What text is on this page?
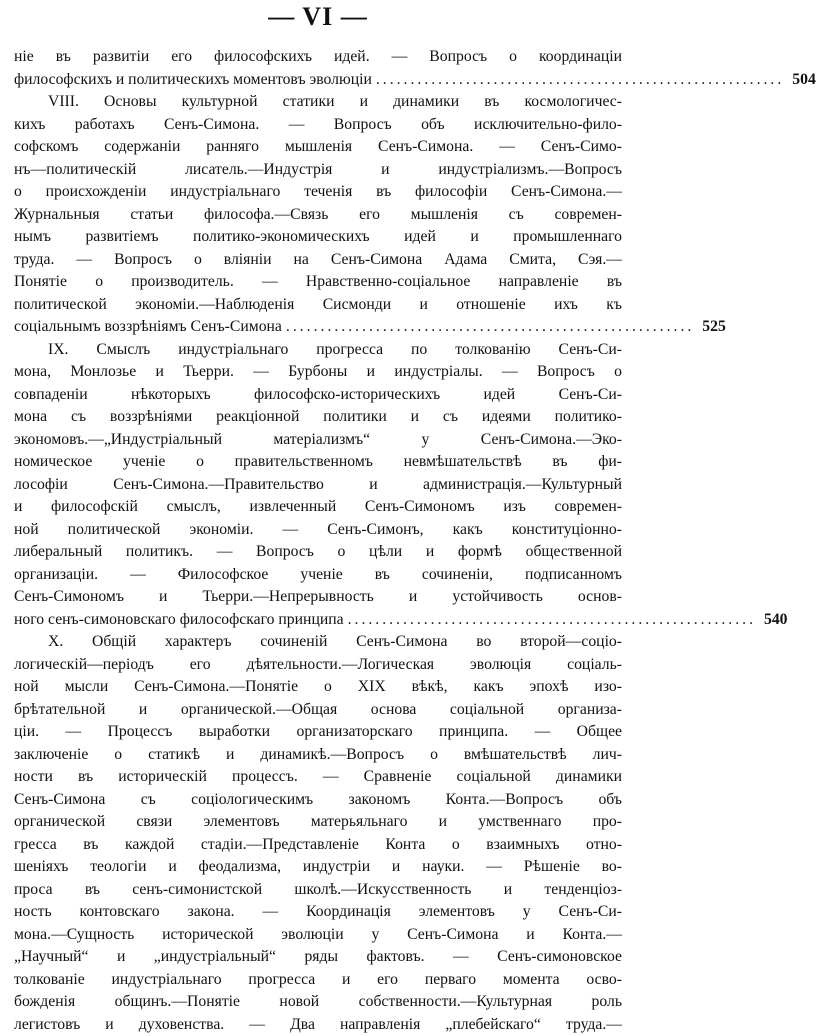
— VI —
ніе въ развитіи его философскихъ идей. — Вопросъ о координаціи
философскихъ и политическихъ моментовъ эволюціи ........................................................... 504
VIII. Основы культурной статики и динамики въ космологичес-
кихъ работахъ Сенъ-Симона. — Вопросъ объ исключительно-фило-
софскомъ содержаніи ранняго мышленія Сенъ-Симона. — Сенъ-Симо-
нъ—политическій лисатель.—Индустрія и индустріализмъ.—Вопросъ
о происхожденіи индустріальнаго теченія въ философіи Сенъ-Симона.—
Журнальныя статьи философа.—Связь его мышленія съ современ-
нымъ развитіемъ политико-экономическихъ идей и промышленнаго
труда. — Вопросъ о вліяніи на Сенъ-Симона Адама Смита, Сэя.—
Понятіе о производитель. — Нравственно-соціальное направленіе въ
политической экономіи.—Наблюденія Сисмонди и отношеніе ихъ къ
соціальнымъ воззрѣніямъ Сенъ-Симона ........................................................... 525
IX. Смыслъ индустріальнаго прогресса по толкованію Сенъ-Си-
мона, Монлозье и Тьерри. — Бурбоны и индустріалы. — Вопросъ о
совпаденіи нѣкоторыхъ философско-историческихъ идей Сенъ-Си-
мона съ воззрѣніями реакціонной политики и съ идеями политико-
экономовъ.—„Индустріальный матеріализмъ“ у Сенъ-Симона.—Эко-
номическое ученіе о правительственномъ невмѣшательствѣ въ фи-
лософіи Сенъ-Симона.—Правительство и администрація.—Культурный
и философскій смыслъ, извлеченный Сенъ-Симономъ изъ современ-
ной политической экономіи. — Сенъ-Симонъ, какъ конституціонно-
либеральный политикъ. — Вопросъ о цѣли и формѣ общественной
организаціи. — Философское ученіе въ сочиненіи, подписанномъ
Сенъ-Симономъ и Тьерри.—Непрерывность и устойчивость основ-
ного сенъ-симоновскаго философскаго принципа ........................................................... 540
X. Общій характеръ сочиненій Сенъ-Симона во второй—соціо-
логическій—періодъ его дѣятельности.—Логическая эволюція соціаль-
ной мысли Сенъ-Симона.—Понятіе о XIX вѣкѣ, какъ эпохѣ изо-
брѣтательной и органической.—Общая основа соціальной организа-
ціи. — Процессъ выработки организаторскаго принципа. — Общее
заключеніе о статикѣ и динамикѣ.—Вопросъ о вмѣшательствѣ лич-
ности въ историческій процессъ. — Сравненіе соціальной динамики
Сенъ-Симона съ соціологическимъ закономъ Конта.—Вопросъ объ
органической связи элементовъ матерьяльнаго и умственнаго про-
гресса въ каждой стадіи.—Представленіе Конта о взаимныхъ отно-
шеніяхъ теологіи и феодализма, индустріи и науки. — Рѣшеніе во-
проса въ сенъ-симонистской школѣ.—Искусственность и тенденціоз-
ность контовскаго закона. — Координація элементовъ у Сенъ-Си-
мона.—Сущность исторической эволюціи у Сенъ-Симона и Конта.—
„Научный“ и „индустріальный“ ряды фактовъ. — Сенъ-симоновское
толкованіе индустріальнаго прогресса и его перваго момента осво-
божденія общинъ.—Понятіе новой собственности.—Культурная роль
легистовъ и духовенства. — Два направленія „плебейскаго“ труда.—
